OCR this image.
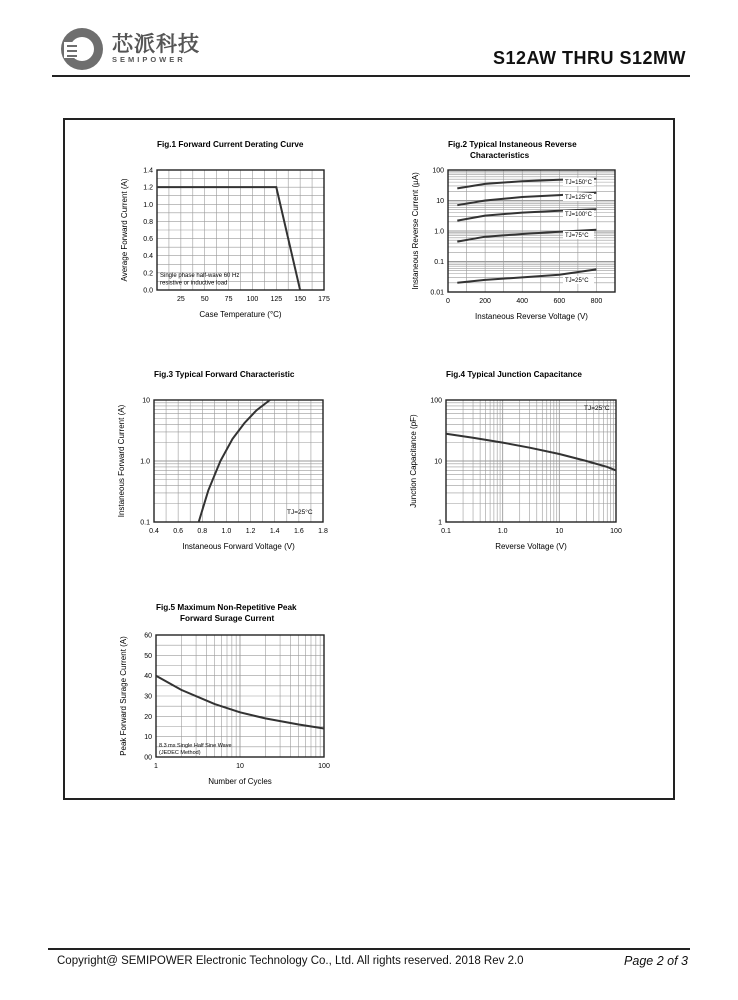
芯派科技
SEMIPOWER	S12AW THRU S12MW
Fig.1 Forward Current Derating Curve
25 50 75 100 125 150 175
0.0
0.2
0.4
0.6
0.8
1.0
1.2
1.4
Case Temperature (°C)
Average Forward Current (A)	Single phase half-wave 60 Hz
resistive or inductive load
Fig.2 Typical Instaneous Reverse
Characteristics
0	200	400	600	800
0.01
0.1
1.0
10
100
Instaneous Reverse Voltage (V)
Instaneous Reverse Current (µA)	TJ=150°C
TJ=125°C
TJ=100°C
TJ=75°C
TJ=25°C
Fig.3 Typical Forward Characteristic
0.4 0.6 0.8 1.0 1.2 1.4 1.6 1.8
0.1
1.0
10
Instaneous Forward Voltage (V)
Instaneous Forward Current (A)	TJ=25°C
Fig.4 Typical Junction Capacitance
0.1	1.0	10	100
1
10
100
Reverse Voltage (V)
Junction Capacitance (pF)
TJ=25°C
Fig.5 Maximum Non-Repetitive Peak
Forward Surage Current
1	10	100
00
10
20
30
40
50
60
Number of Cycles
Peak Forward Surage Current (A)	8.3 ms Single Half Sine Wave
(JEDEC Method)
Copyright@ SEMIPOWER Electronic Technology Co., Ltd. All rights reserved. 2018 Rev 2.0	Page 2 of 3
